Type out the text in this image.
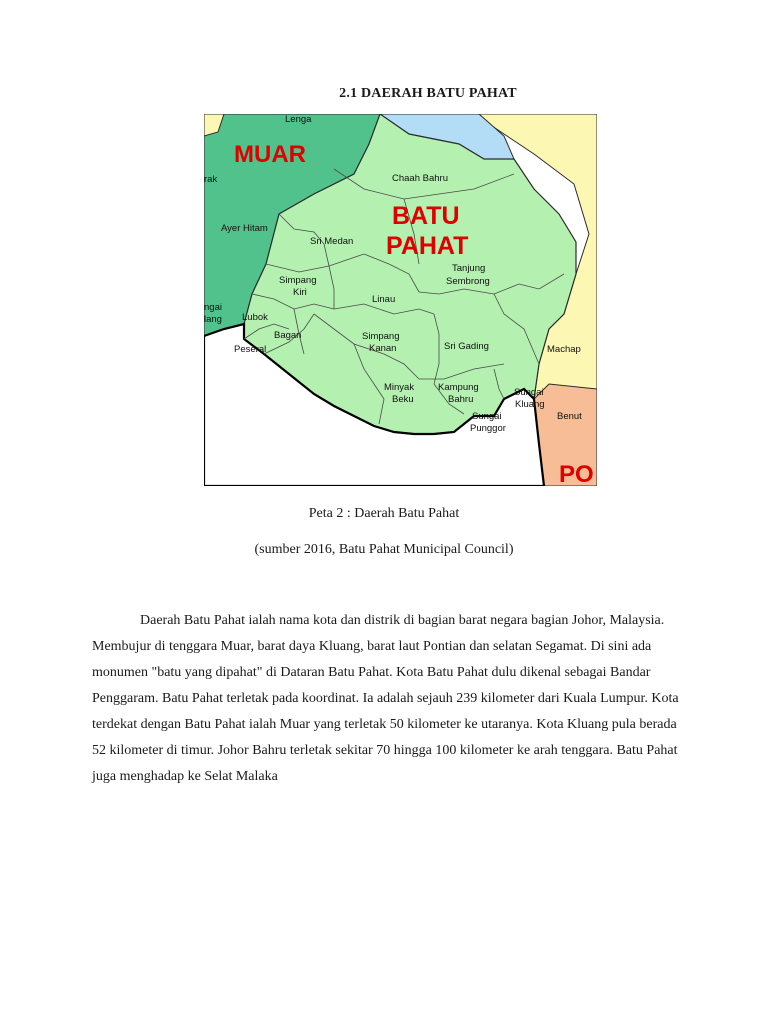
2.1 DAERAH BATU PAHAT
MUAR
BATU
PAHAT
PO
Lenga
rak
Ayer Hitam
ngai
lang
Chaah Bahru
Sri Medan
Simpang
Kiri
Linau
Tanjung
Sembrong
Lubok
Bagan
Peseral
Simpang
Kanan	Sri Gading	Machap
Minyak
Beku
Kampung
Bahru
Sungai
Kluang
Benut
Sungai
Punggor
Peta 2 : Daerah Batu Pahat
(sumber 2016, Batu Pahat Municipal Council)
Daerah Batu Pahat ialah nama kota dan distrik di bagian barat negara bagian Johor, Malaysia. Membujur di tenggara Muar, barat daya Kluang, barat laut Pontian dan selatan Segamat. Di sini ada monumen "batu yang dipahat" di Dataran Batu Pahat. Kota Batu Pahat dulu dikenal sebagai Bandar Penggaram. Batu Pahat terletak pada koordinat. Ia adalah sejauh 239 kilometer dari Kuala Lumpur. Kota terdekat dengan Batu Pahat ialah Muar yang terletak 50 kilometer ke utaranya. Kota Kluang pula berada 52 kilometer di timur. Johor Bahru terletak sekitar 70 hingga 100 kilometer ke arah tenggara. Batu Pahat juga menghadap ke Selat Malaka
